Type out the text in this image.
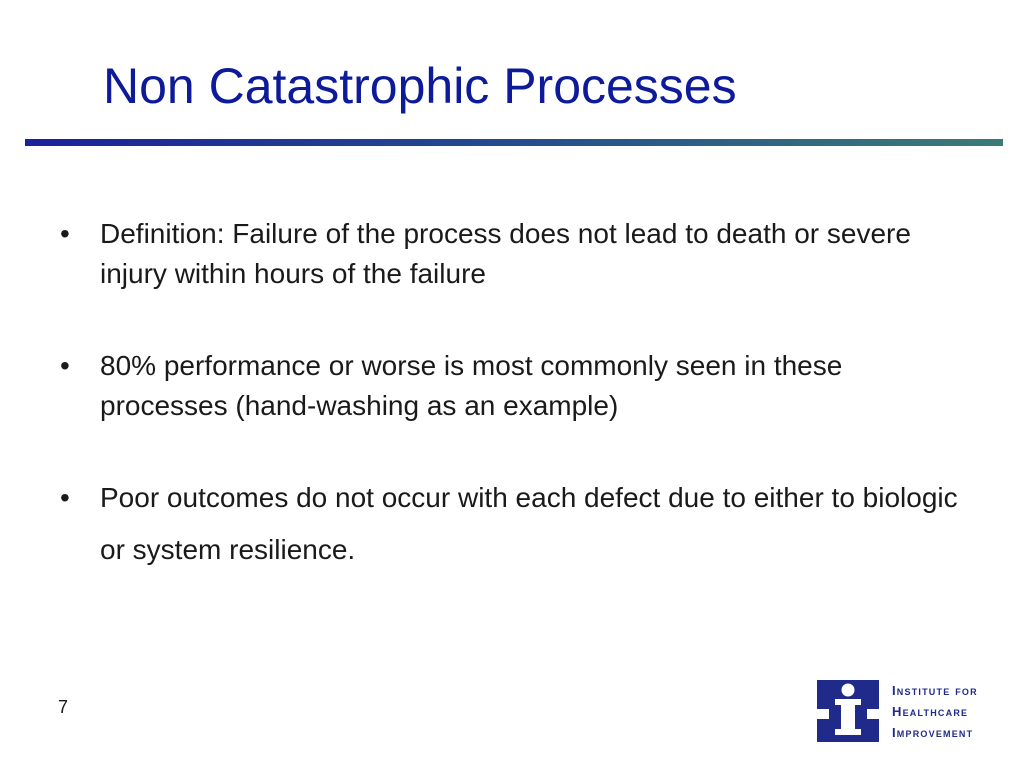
Non Catastrophic Processes
• Definition: Failure of the process does not lead to death or severe injury within hours of the failure
• 80% performance or worse is most commonly seen in these processes (hand-washing as an example)
• Poor outcomes do not occur with each defect due to either to biologic or system resilience.
7
Institute for
Healthcare
Improvement
